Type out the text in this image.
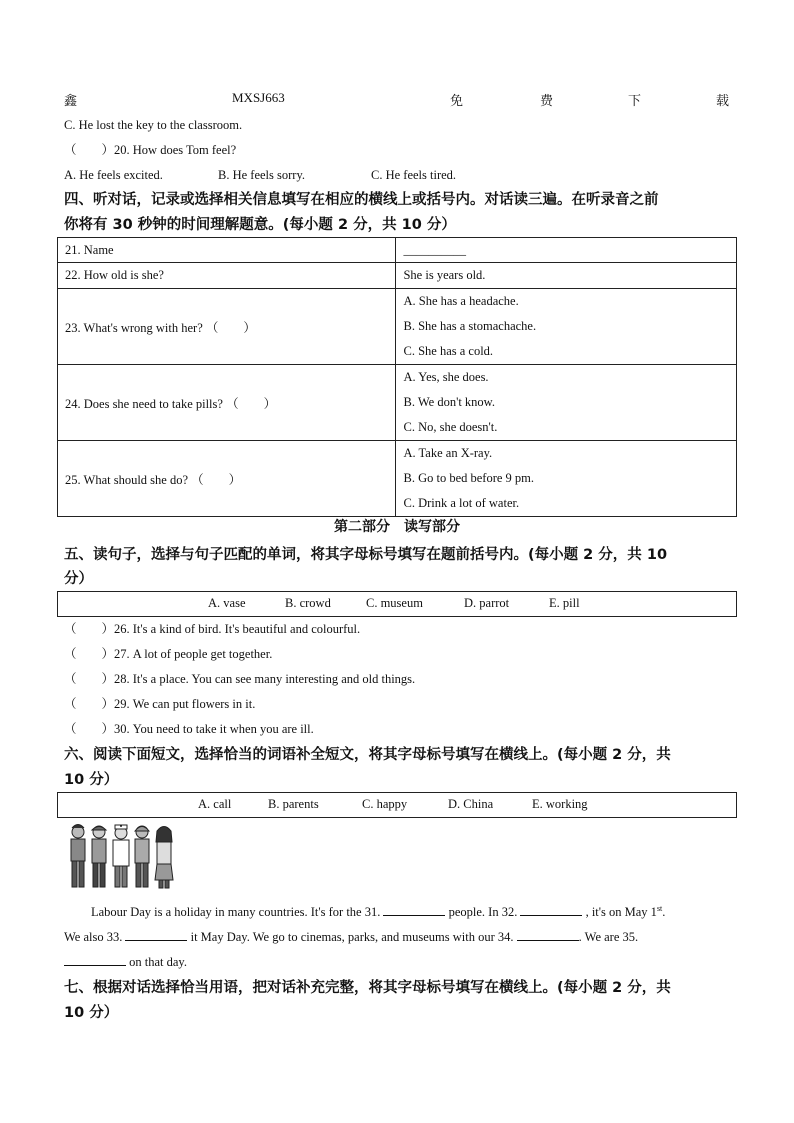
鑫	MXSJ663	免	费	下	载
C. He lost the key to the classroom.
（　　）20. How does Tom feel?
A. He feels excited.	B. He feels sorry.	C. He feels tired.
四、听对话，记录或选择相关信息填写在相应的横线上或括号内。对话读三遍。在听录音之前
你将有 30 秒钟的时间理解题意。(每小题 2 分，共 10 分）
21. Name	__________
22. How old is she?	She is years old.
23. What's wrong with her? （　　）	A. She has a headache.
B. She has a stomachache.
C. She has a cold.

24. Does she need to take pills? （　　）	A. Yes, she does.
B. We don't know.
C. No, she doesn't.

25. What should she do? （　　）	A. Take an X-ray.
B. Go to bed before 9 pm.
C. Drink a lot of water.
第二部分　读写部分
五、读句子，选择与句子匹配的单词，将其字母标号填写在题前括号内。(每小题 2 分，共 10
分）
A. vase	B. crowd	C. museum	D. parrot	E. pill
（　　）26. It's a kind of bird. It's beautiful and colourful.
（　　）27. A lot of people get together.
（　　）28. It's a place. You can see many interesting and old things.
（　　）29. We can put flowers in it.
（　　）30. You need to take it when you are ill.
六、阅读下面短文，选择恰当的词语补全短文，将其字母标号填写在横线上。(每小题 2 分，共
10 分）
A. call	B. parents	C. happy	D. China	E. working
Labour Day is a holiday in many countries. It's for the 31.	people. In 32.	, it's on May 1st.
We also 33.	it May Day. We go to cinemas, parks, and museums with our 34.	. We are 35.
on that day.
七、根据对话选择恰当用语，把对话补充完整，将其字母标号填写在横线上。(每小题 2 分，共
10 分）
